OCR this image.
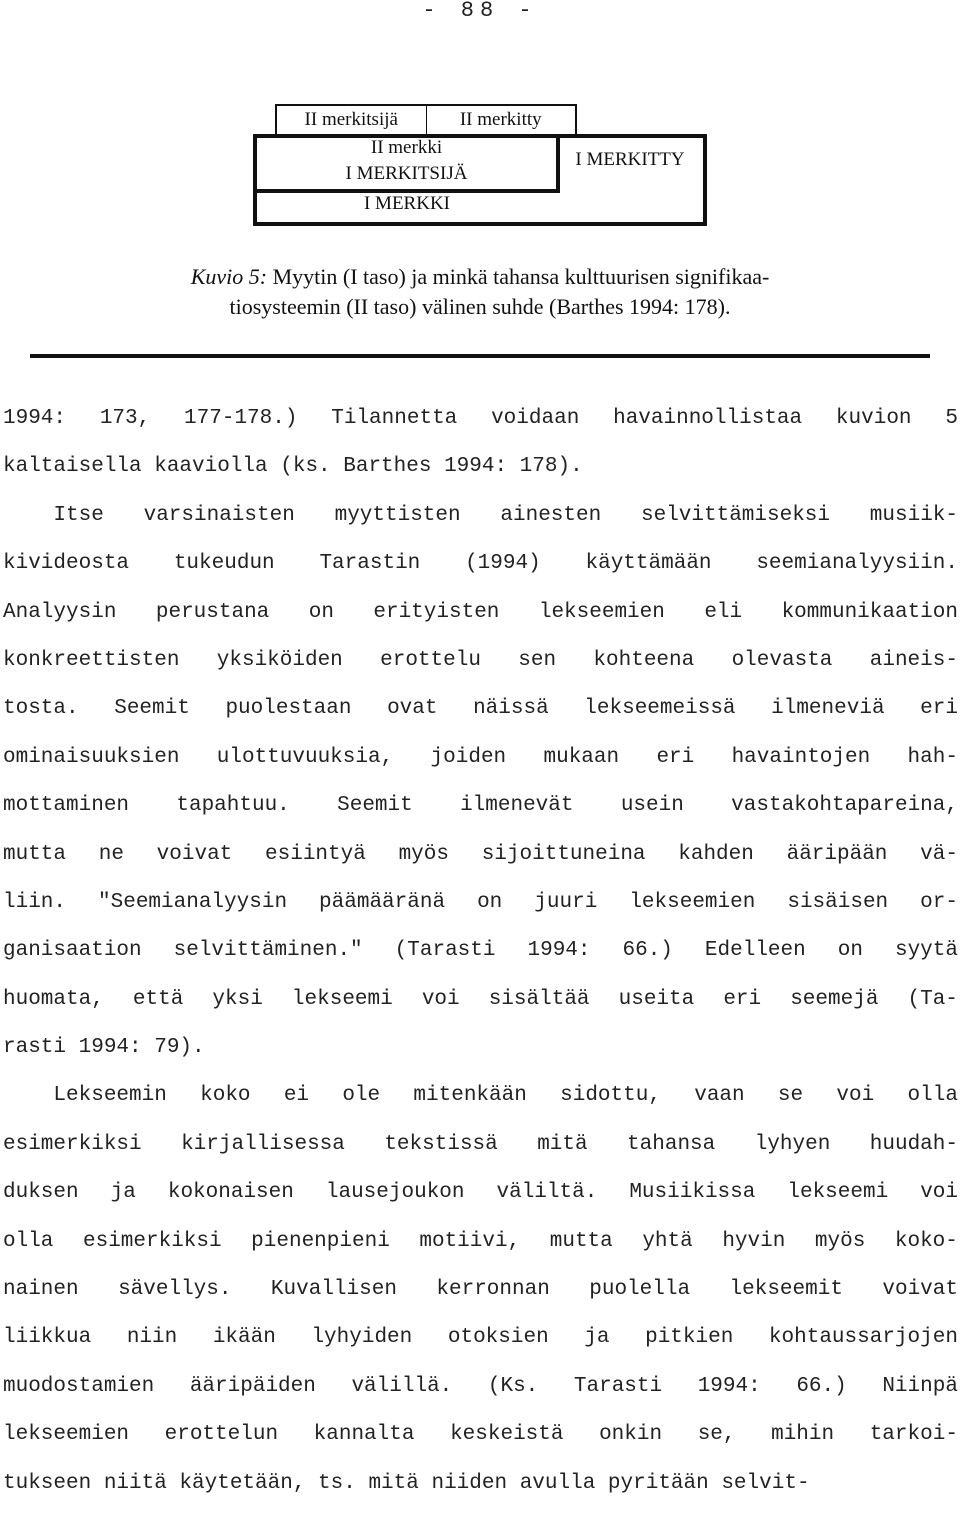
- 88 -
II merkitsijä	II merkitty
II merkki
I MERKITSIJÄ
I MERKITTY
I MERKKI
Kuvio 5: Myytin (I taso) ja minkä tahansa kulttuurisen signifikaa-
tiosysteemin (II taso) välinen suhde (Barthes 1994: 178).
1994: 173, 177-178.) Tilannetta voidaan havainnollistaa kuvion 5
kaltaisella kaaviolla (ks. Barthes 1994: 178).
Itse varsinaisten myyttisten ainesten selvittämiseksi musiik-
kivideosta tukeudun Tarastin (1994) käyttämään seemianalyysiin.
Analyysin perustana on erityisten lekseemien eli kommunikaation
konkreettisten yksiköiden erottelu sen kohteena olevasta aineis-
tosta. Seemit puolestaan ovat näissä lekseemeissä ilmeneviä eri
ominaisuuksien ulottuvuuksia, joiden mukaan eri havaintojen hah-
mottaminen tapahtuu. Seemit ilmenevät usein vastakohtapareina,
mutta ne voivat esiintyä myös sijoittuneina kahden ääripään vä-
liin. "Seemianalyysin päämääränä on juuri lekseemien sisäisen or-
ganisaation selvittäminen." (Tarasti 1994: 66.) Edelleen on syytä
huomata, että yksi lekseemi voi sisältää useita eri seemejä (Ta-
rasti 1994: 79).
Lekseemin koko ei ole mitenkään sidottu, vaan se voi olla
esimerkiksi kirjallisessa tekstissä mitä tahansa lyhyen huudah-
duksen ja kokonaisen lausejoukon väliltä. Musiikissa lekseemi voi
olla esimerkiksi pienenpieni motiivi, mutta yhtä hyvin myös koko-
nainen sävellys. Kuvallisen kerronnan puolella lekseemit voivat
liikkua niin ikään lyhyiden otoksien ja pitkien kohtaussarjojen
muodostamien ääripäiden välillä. (Ks. Tarasti 1994: 66.) Niinpä
lekseemien erottelun kannalta keskeistä onkin se, mihin tarkoi-
tukseen niitä käytetään, ts. mitä niiden avulla pyritään selvit-
